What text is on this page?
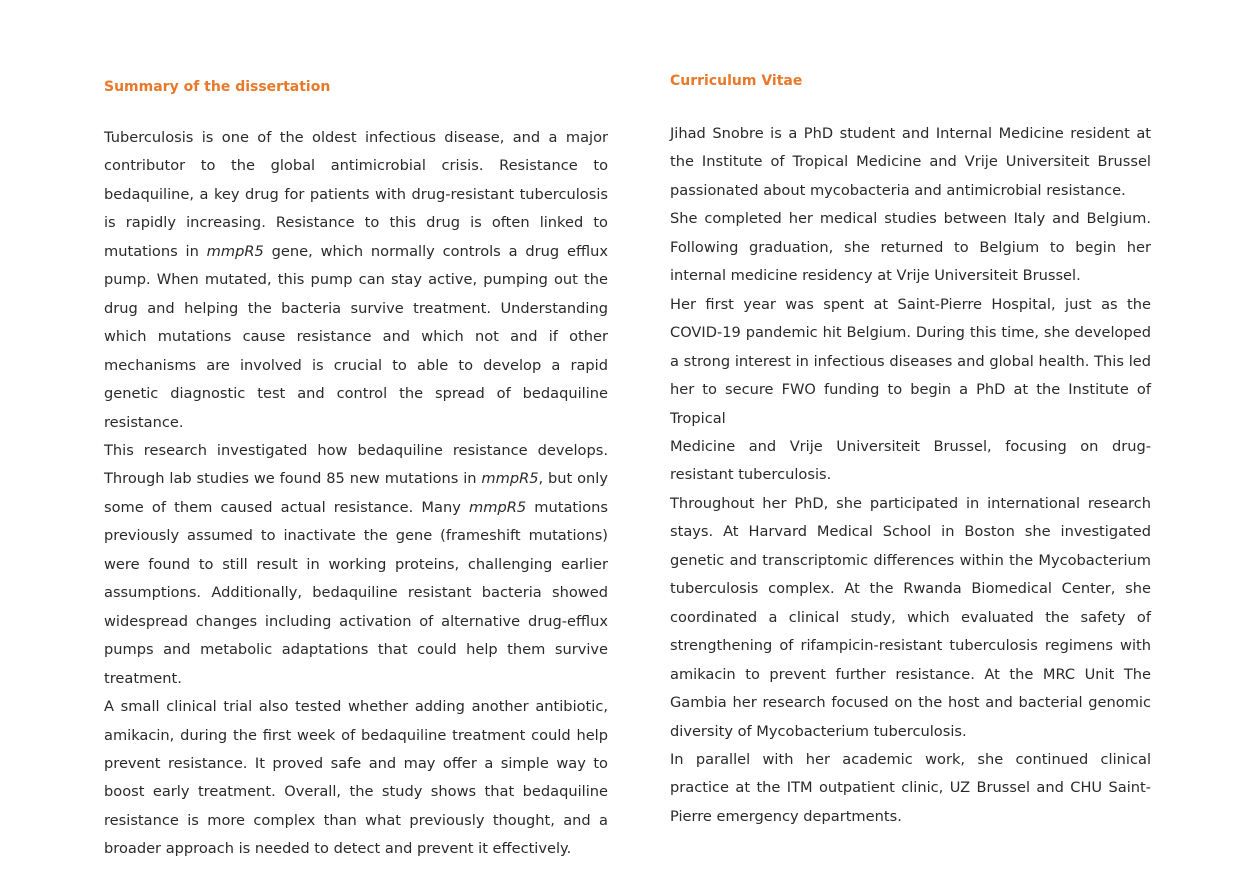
Summary of the dissertation

Tuberculosis is one of the oldest infectious disease, and a major contributor to the global antimicrobial crisis. Resistance to bedaquiline, a key drug for patients with drug-resistant tuberculosis is rapidly increasing. Resistance to this drug is often linked to mutations in mmpR5 gene, which normally controls a drug efflux pump. When mutated, this pump can stay active, pumping out the drug and helping the bacteria survive treatment. Understanding which mutations cause resistance and which not and if other mechanisms are involved is crucial to able to develop a rapid genetic diagnostic test and control the spread of bedaquiline resistance.

This research investigated how bedaquiline resistance develops. Through lab studies we found 85 new mutations in mmpR5, but only some of them caused actual resistance. Many mmpR5 mutations previously assumed to inactivate the gene (frameshift mutations) were found to still result in working proteins, challenging earlier assumptions. Additionally, bedaquiline resistant bacteria showed widespread changes including activation of alternative drug-efflux pumps and metabolic adaptations that could help them survive treatment.

A small clinical trial also tested whether adding another antibiotic, amikacin, during the first week of bedaquiline treatment could help prevent resistance. It proved safe and may offer a simple way to boost early treatment. Overall, the study shows that bedaquiline resistance is more complex than what previously thought, and a broader approach is needed to detect and prevent it effectively.

Curriculum Vitae

Jihad Snobre is a PhD student and Internal Medicine resident at the Institute of Tropical Medicine and Vrije Universiteit Brussel passionated about mycobacteria and antimicrobial resistance.

She completed her medical studies between Italy and Belgium. Following graduation, she returned to Belgium to begin her internal medicine residency at Vrije Universiteit Brussel.

Her first year was spent at Saint-Pierre Hospital, just as the COVID-19 pandemic hit Belgium. During this time, she developed a strong interest in infectious diseases and global health. This led her to secure FWO funding to begin a PhD at the Institute of Tropical

Medicine and Vrije Universiteit Brussel, focusing on drug-resistant tuberculosis.

Throughout her PhD, she participated in international research stays. At Harvard Medical School in Boston she investigated genetic and transcriptomic differences within the Mycobacterium tuberculosis complex. At the Rwanda Biomedical Center, she coordinated a clinical study, which evaluated the safety of strengthening of rifampicin-resistant tuberculosis regimens with amikacin to prevent further resistance. At the MRC Unit The Gambia her research focused on the host and bacterial genomic diversity of Mycobacterium tuberculosis.

In parallel with her academic work, she continued clinical practice at the ITM outpatient clinic, UZ Brussel and CHU Saint-Pierre emergency departments.
